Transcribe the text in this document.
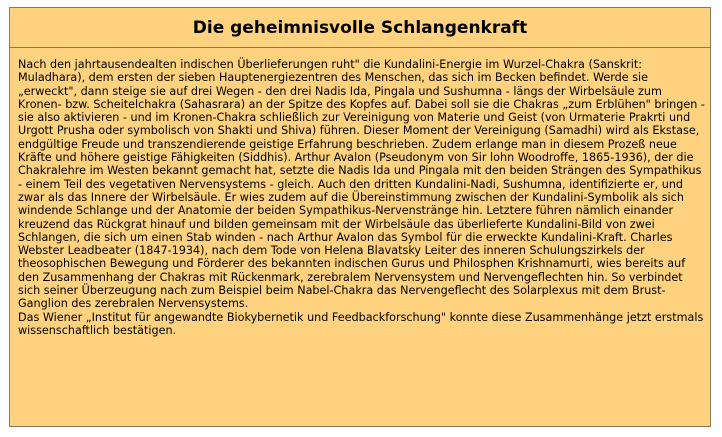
Die geheimnisvolle Schlangenkraft

Nach den jahrtausendealten indischen Überlieferungen ruht" die Kundalini-Energie im Wurzel-Chakra (Sanskrit: Muladhara), dem ersten der sieben Hauptenergiezentren des Menschen, das sich im Becken befindet. Werde sie „erweckt", dann steige sie auf drei Wegen - den drei Nadis Ida, Pingala und Sushumna - längs der Wirbelsäule zum Kronen- bzw. Scheitelchakra (Sahasrara) an der Spitze des Kopfes auf. Dabei soll sie die Chakras „zum Erblühen" bringen - sie also aktivieren - und im Kronen-Chakra schließlich zur Vereinigung von Materie und Geist (von Urmaterie Prakrti und Urgott Prusha oder symbolisch von Shakti und Shiva) führen. Dieser Moment der Vereinigung (Samadhi) wird als Ekstase, endgültige Freude und transzendierende geistige Erfahrung beschrieben. Zudem erlange man in diesem Prozeß neue Kräfte und höhere geistige Fähigkeiten (Siddhis). Arthur Avalon (Pseudonym von Sir lohn Woodroffe, 1865-1936), der die Chakralehre im Westen bekannt gemacht hat, setzte die Nadis Ida und Pingala mit den beiden Strängen des Sympathikus - einem Teil des vegetativen Nervensystems - gleich. Auch den dritten Kundalini-Nadi, Sushumna, identifizierte er, und zwar als das Innere der Wirbelsäule. Er wies zudem auf die Übereinstimmung zwischen der Kundalini-Symbolik als sich windende Schlange und der Anatomie der beiden Sympathikus-Nervenstränge hin. Letztere führen nämlich einander kreuzend das Rückgrat hinauf und bilden gemeinsam mit der Wirbelsäule das überlieferte Kundalini-Bild von zwei Schlangen, die sich um einen Stab winden - nach Arthur Avalon das Symbol für die erweckte Kundalini-Kraft. Charles Webster Leadbeater (1847-1934), nach dem Tode von Helena Blavatsky Leiter des inneren Schulungszirkels der theosophischen Bewegung und Förderer des bekannten indischen Gurus und Philosphen Krishnamurti, wies bereits auf den Zusammenhang der Chakras mit Rückenmark, zerebralem Nervensystem und Nervengeflechten hin. So verbindet sich seiner Überzeugung nach zum Beispiel beim Nabel-Chakra das Nervengeflecht des Solarplexus mit dem Brust-Ganglion des zerebralen Nervensystems.

Das Wiener „Institut für angewandte Biokybernetik und Feedbackforschung" konnte diese Zusammenhänge jetzt erstmals wissenschaftlich bestätigen.
